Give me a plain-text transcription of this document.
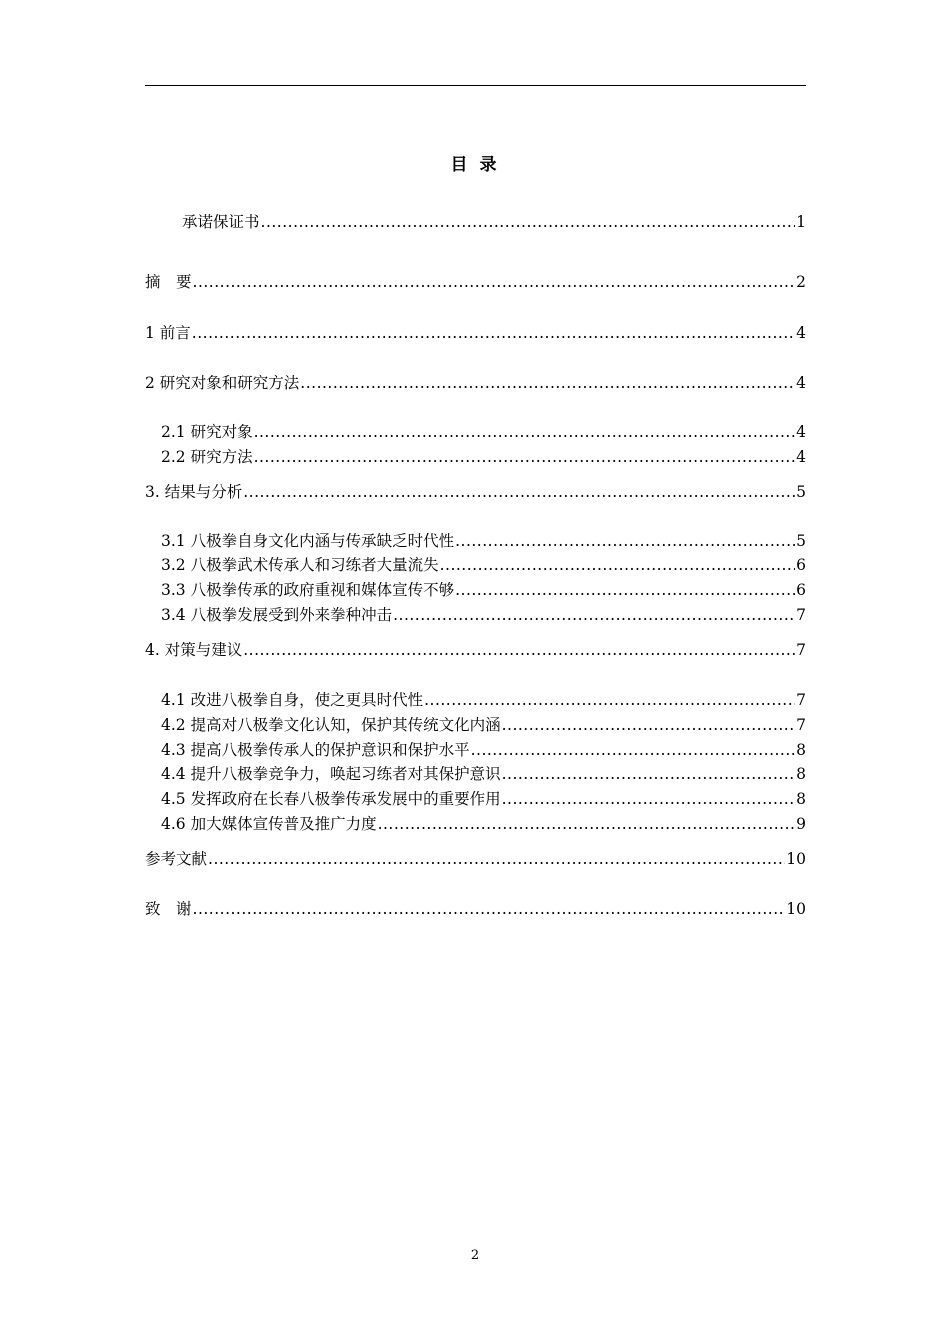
目 录
承诺保证书 .....	1
摘　要 .....	2
1 前言 .....	4
2 研究对象和研究方法 .....	4
2.1 研究对象 .....	4
2.2 研究方法 .....	4
3. 结果与分析 .....	5
3.1 八极拳自身文化内涵与传承缺乏时代性 .....	5
3.2 八极拳武术传承人和习练者大量流失 .....	6
3.3 八极拳传承的政府重视和媒体宣传不够 .....	6
3.4 八极拳发展受到外来拳种冲击 .....	7
4. 对策与建议 .....	7
4.1 改进八极拳自身，使之更具时代性 .....	7
4.2 提高对八极拳文化认知，保护其传统文化内涵 .....	7
4.3 提高八极拳传承人的保护意识和保护水平 .....	8
4.4 提升八极拳竞争力，唤起习练者对其保护意识 .....	8
4.5 发挥政府在长春八极拳传承发展中的重要作用 .....	8
4.6 加大媒体宣传普及推广力度 .....	9
参考文献 .....	10
致　谢 .....	10
2
